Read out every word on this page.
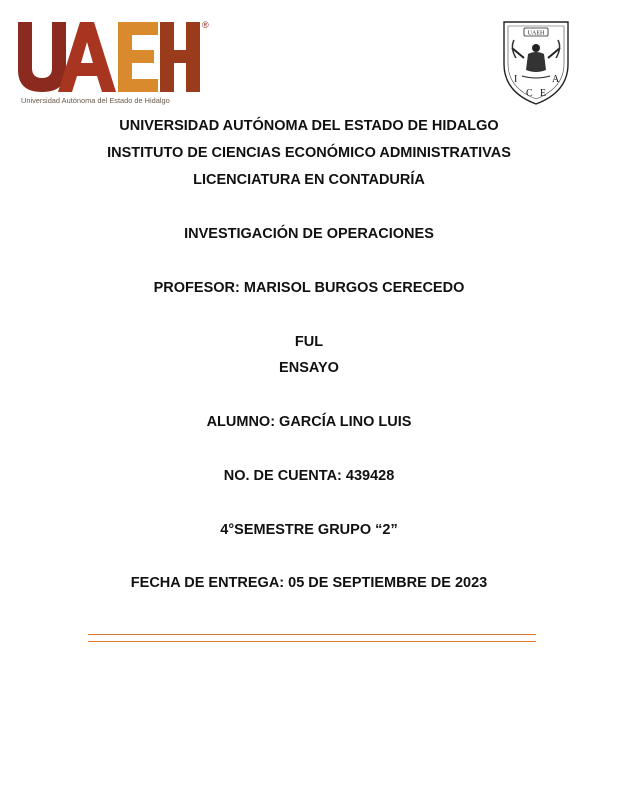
®
Universidad Autónoma del Estado de Hidalgo
UAEH
I	A
C E
UNIVERSIDAD AUTÓNOMA DEL ESTADO DE HIDALGO
INSTITUTO DE CIENCIAS ECONÓMICO ADMINISTRATIVAS
LICENCIATURA EN CONTADURÍA
INVESTIGACIÓN DE OPERACIONES
PROFESOR: MARISOL BURGOS CERECEDO
FUL
ENSAYO
ALUMNO: GARCÍA LINO LUIS
NO. DE CUENTA: 439428
4°SEMESTRE GRUPO “2”
FECHA DE ENTREGA: 05 DE SEPTIEMBRE DE 2023
